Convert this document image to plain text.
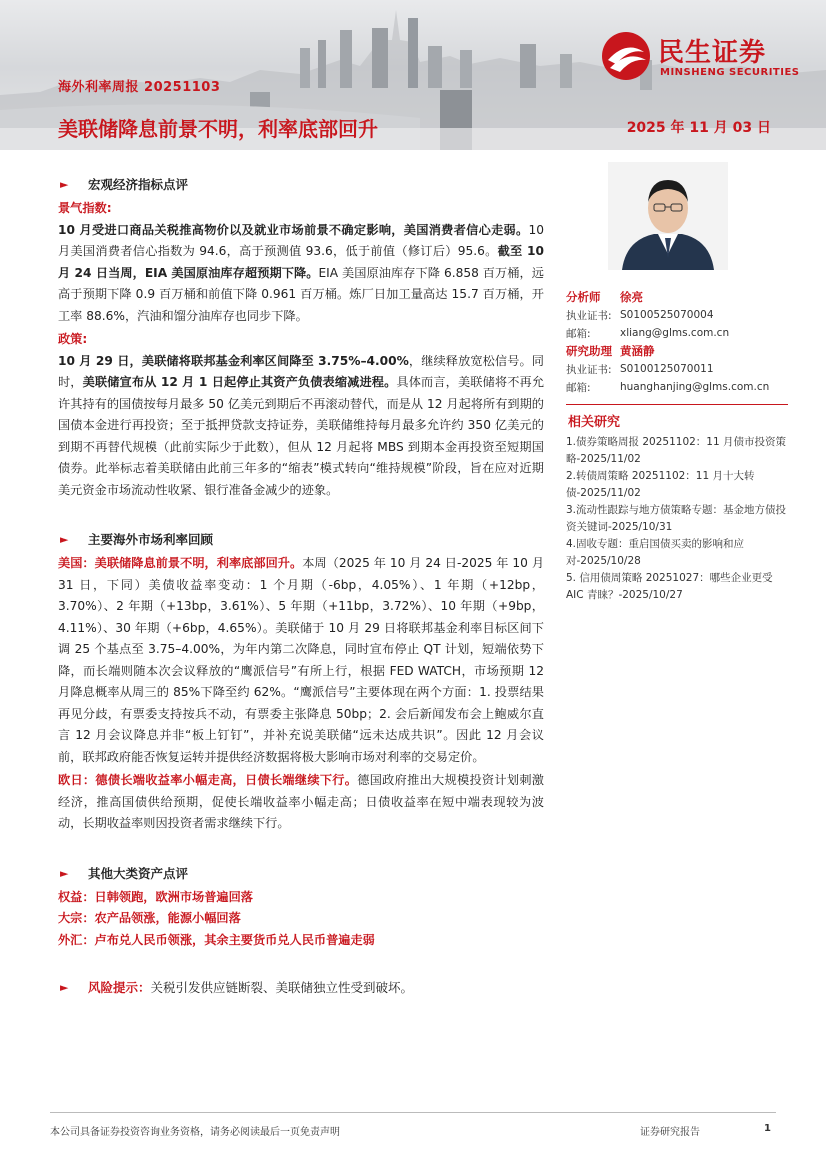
海外利率周报 20251103
美联储降息前景不明，利率底部回升	2025 年 11 月 03 日
民生证券
MINSHENG SECURITIES
►	宏观经济指标点评
景气指数:

10 月受进口商品关税推高物价以及就业市场前景不确定影响，美国消费者信心走弱。10 月美国消费者信心指数为 94.6，高于预测值 93.6，低于前值（修订后）95.6。截至 10 月 24 日当周，EIA 美国原油库存超预期下降。EIA 美国原油库存下降 6.858 百万桶，远高于预期下降 0.9 百万桶和前值下降 0.961 百万桶。炼厂日加工量高达 15.7 百万桶，开工率 88.6%，汽油和馏分油库存也同步下降。

政策:

10 月 29 日，美联储将联邦基金利率区间降至 3.75%–4.00%，继续释放宽松信号。同时，美联储宣布从 12 月 1 日起停止其资产负债表缩减进程。具体而言，美联储将不再允许其持有的国债按每月最多 50 亿美元到期后不再滚动替代，而是从 12 月起将所有到期的国债本金进行再投资；至于抵押贷款支持证券，美联储维持每月最多允许约 350 亿美元的到期不再替代规模（此前实际少于此数），但从 12 月起将 MBS 到期本金再投资至短期国债券。此举标志着美联储由此前三年多的“缩表”模式转向“维持规模”阶段，旨在应对近期美元资金市场流动性收紧、银行准备金减少的迹象。

►	主要海外市场利率回顾

美国：美联储降息前景不明，利率底部回升。本周（2025 年 10 月 24 日-2025 年 10 月 31 日，下同）美债收益率变动：1 个月期（-6bp，4.05%）、1 年期（+12bp，3.70%）、2 年期（+13bp，3.61%）、5 年期（+11bp，3.72%）、10 年期（+9bp，4.11%）、30 年期（+6bp，4.65%）。美联储于 10 月 29 日将联邦基金利率目标区间下调 25 个基点至 3.75–4.00%，为年内第二次降息，同时宣布停止 QT 计划，短端依势下降，而长端则随本次会议释放的“鹰派信号”有所上行，根据 FED WATCH，市场预期 12 月降息概率从周三的 85%下降至约 62%。“鹰派信号”主要体现在两个方面：1. 投票结果再见分歧，有票委支持按兵不动，有票委主张降息 50bp；2. 会后新闻发布会上鲍威尔直言 12 月会议降息并非“板上钉钉”，并补充说美联储“远未达成共识”。因此 12 月会议前，联邦政府能否恢复运转并提供经济数据将极大影响市场对利率的交易定价。

欧日：德债长端收益率小幅走高，日债长端继续下行。德国政府推出大规模投资计划刺激经济，推高国债供给预期，促使长端收益率小幅走高；日债收益率在短中端表现较为波动，长期收益率则因投资者需求继续下行。

►	其他大类资产点评
权益：日韩领跑，欧洲市场普遍回落
大宗：农产品领涨，能源小幅回落
外汇：卢布兑人民币领涨，其余主要货币兑人民币普遍走弱
►	风险提示： 关税引发供应链断裂、美联储独立性受到破坏。
分析师	徐亮
执业证书: S0100525070004
邮箱:	xliang@glms.com.cn
研究助理 黄涵静
执业证书: S0100125070011
邮箱:	huanghanjing@glms.com.cn
相关研究
1.债券策略周报 20251102：11 月债市投资策略-2025/11/02
2.转债周策略 20251102：11 月十大转债-2025/11/02
3.流动性跟踪与地方债策略专题：基金地方债投资关键词-2025/10/31
4.固收专题：重启国债买卖的影响和应对-2025/10/28
5. 信用债周策略 20251027：哪些企业更受 AIC 青睐？-2025/10/27
本公司具备证券投资咨询业务资格，请务必阅读最后一页免责声明	证券研究报告	1
